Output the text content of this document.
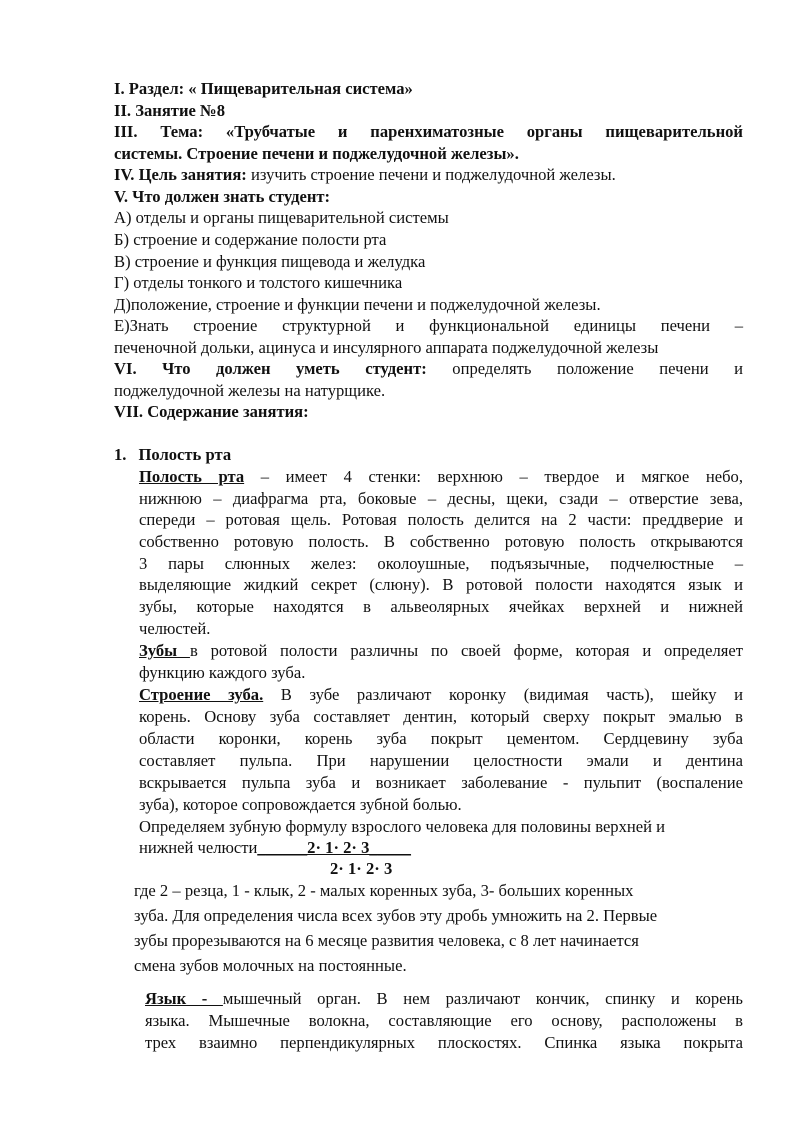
I. Раздел: « Пищеварительная система»

II. Занятие №8

III. Тема: «Трубчатые и паренхиматозные органы пищеварительной

системы. Строение печени и поджелудочной железы».

IV. Цель занятия: изучить строение печени и поджелудочной железы.

V. Что должен знать студент:

А) отделы и органы пищеварительной системы

Б) строение и содержание полости рта

В) строение и функция пищевода и желудка

Г) отделы тонкого и толстого кишечника

Д)положение, строение и функции печени и поджелудочной железы.

Е)Знать строение структурной и функциональной единицы печени –

печеночной дольки, ацинуса и инсулярного аппарата поджелудочной железы

VI. Что должен уметь студент: определять положение печени и

поджелудочной железы на натурщике.

VII. Содержание занятия:

1. Полость рта

Полость рта – имеет 4 стенки: верхнюю – твердое и мягкое небо,

нижнюю – диафрагма рта, боковые – десны, щеки, сзади – отверстие зева,

спереди – ротовая щель. Ротовая полость делится на 2 части: преддверие и

собственно ротовую полость. В собственно ротовую полость открываются

3 пары слюнных желез: околоушные, подъязычные, подчелюстные –

выделяющие жидкий секрет (слюну). В ротовой полости находятся язык и

зубы, которые находятся в альвеолярных ячейках верхней и нижней

челюстей.

Зубы в ротовой полости различны по своей форме, которая и определяет

функцию каждого зуба.

Строение зуба. В зубе различают коронку (видимая часть), шейку и

корень. Основу зуба составляет дентин, который сверху покрыт эмалью в

области коронки, корень зуба покрыт цементом. Сердцевину зуба

составляет пульпа. При нарушении целостности эмали и дентина

вскрывается пульпа зуба и возникает заболевание - пульпит (воспаление

зуба), которое сопровождается зубной болью.

Определяем зубную формулу взрослого человека для половины верхней и

нижней челюсти______2· 1· 2· 3_____

2· 1· 2· 3

где 2 – резца, 1 - клык, 2 - малых коренных зуба, 3- больших коренных

зуба. Для определения числа всех зубов эту дробь умножить на 2. Первые

зубы прорезываются на 6 месяце развития человека, с 8 лет начинается

смена зубов молочных на постоянные.

Язык - мышечный орган. В нем различают кончик, спинку и корень

языка. Мышечные волокна, составляющие его основу, расположены в

трех взаимно перпендикулярных плоскостях. Спинка языка покрыта
